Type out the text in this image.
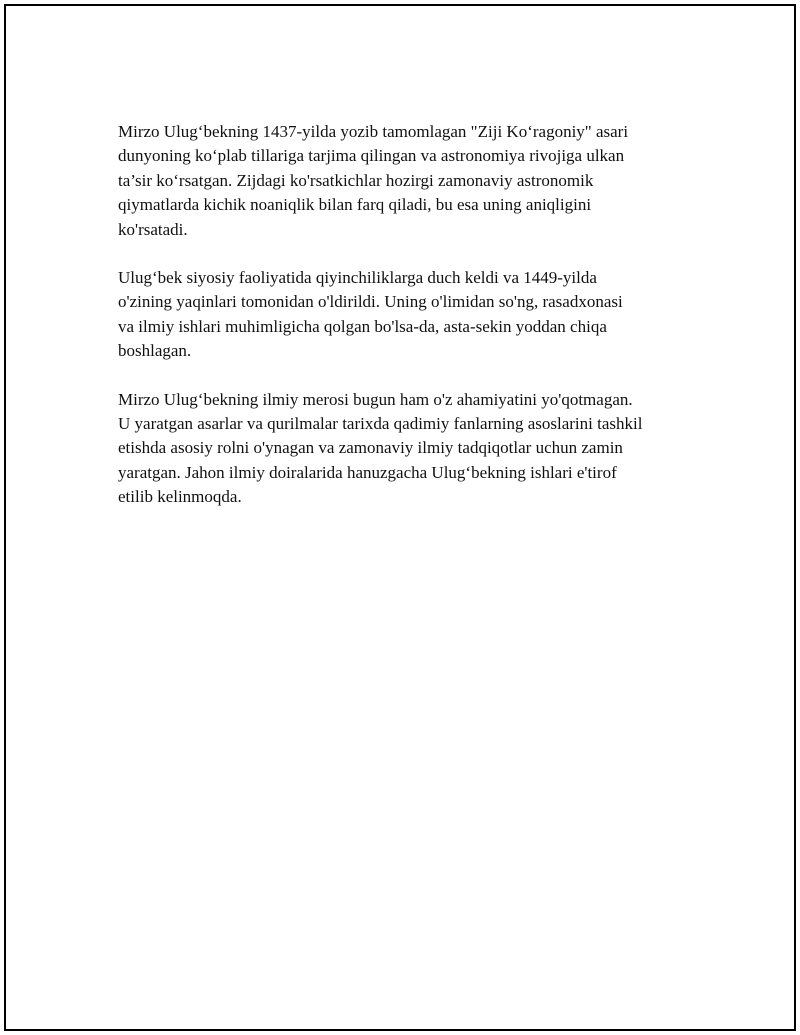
Mirzo Ulug‘bekning 1437-yilda yozib tamomlagan "Ziji Ko‘ragoniy" asari
dunyoning ko‘plab tillariga tarjima qilingan va astronomiya rivojiga ulkan
ta’sir ko‘rsatgan. Zijdagi ko'rsatkichlar hozirgi zamonaviy astronomik
qiymatlarda kichik noaniqlik bilan farq qiladi, bu esa uning aniqligini
ko'rsatadi.

Ulug‘bek siyosiy faoliyatida qiyinchiliklarga duch keldi va 1449-yilda
o'zining yaqinlari tomonidan o'ldirildi. Uning o'limidan so'ng, rasadxonasi
va ilmiy ishlari muhimligicha qolgan bo'lsa-da, asta-sekin yoddan chiqa
boshlagan.

Mirzo Ulug‘bekning ilmiy merosi bugun ham o'z ahamiyatini yo'qotmagan.
U yaratgan asarlar va qurilmalar tarixda qadimiy fanlarning asoslarini tashkil
etishda asosiy rolni o'ynagan va zamonaviy ilmiy tadqiqotlar uchun zamin
yaratgan. Jahon ilmiy doiralarida hanuzgacha Ulug‘bekning ishlari e'tirof
etilib kelinmoqda.
